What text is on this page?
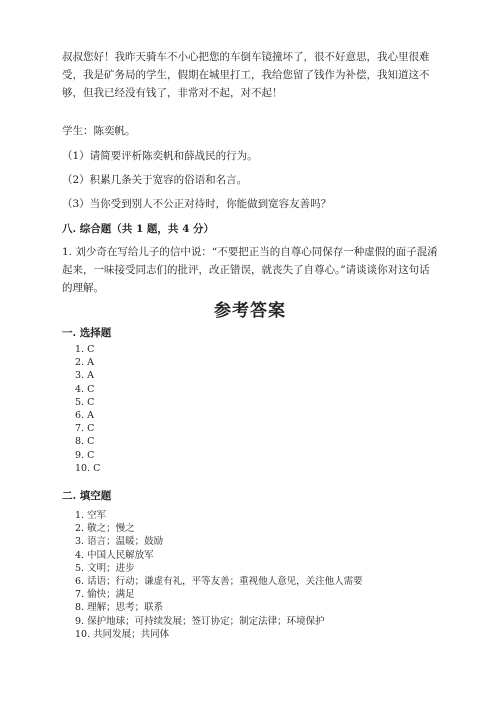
叔叔您好！我昨天骑车不小心把您的车倒车镜撞坏了，很不好意思，我心里很难受，我是矿务局的学生，假期在城里打工，我给您留了钱作为补偿，我知道这不够，但我已经没有钱了，非常对不起，对不起！

学生：陈奕帆。

（1）请简要评析陈奕帆和薛战民的行为。

（2）积累几条关于宽容的俗语和名言。

（3）当你受到别人不公正对待时，你能做到宽容友善吗？

八. 综合题（共 1 题，共 4 分）

1. 刘少奇在写给儿子的信中说：“不要把正当的自尊心同保存一种虚假的面子混淆起来，一味接受同志们的批评，改正错误，就丧失了自尊心。”请谈谈你对这句话的理解。

参考答案

一. 选择题

1. C
2. A
3. A
4. C
5. C
6. A
7. C
8. C
9. C
10. C

二. 填空题

1. 空军
2. 敬之；慢之
3. 语言；温暖；鼓励
4. 中国人民解放军
5. 文明；进步
6. 话语；行动；谦虚有礼，平等友善；重视他人意见，关注他人需要
7. 愉快；满足
8. 理解；思考；联系
9. 保护地球；可持续发展；签订协定；制定法律；环境保护
10. 共同发展；共同体
